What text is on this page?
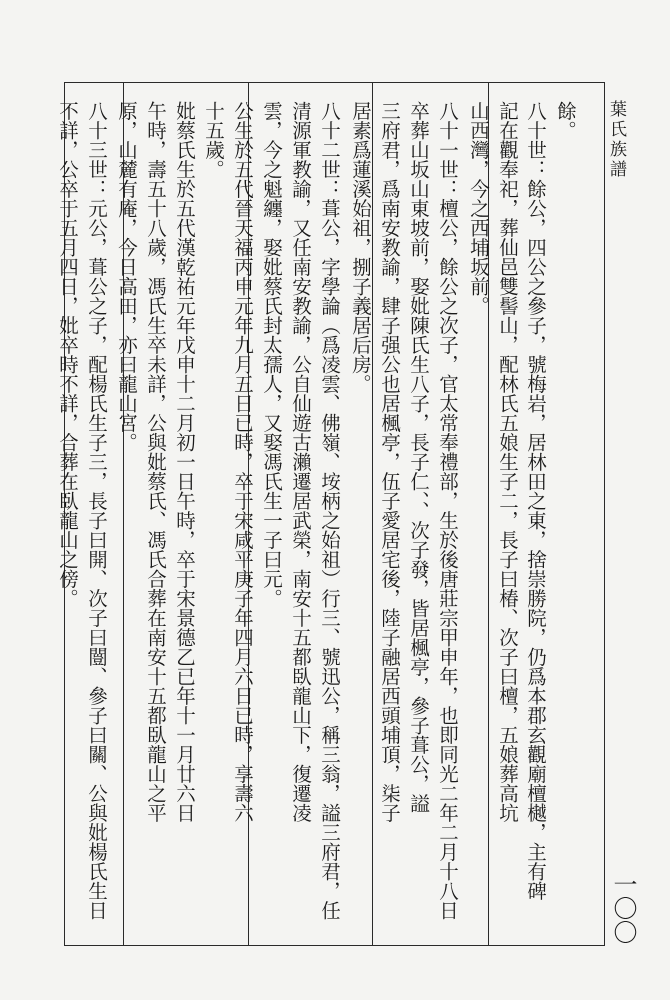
葉氏族譜
一〇〇
餘。
八十世：餘公，四公之參子，號梅岩，居林田之東，捨崇勝院，仍爲本郡玄觀廟檀樾，主有碑
記在觀奉祀，葬仙邑雙髻山，配林氏五娘生子二，長子曰椿、次子曰檀，五娘葬高坑
山西灣，今之西埔坂前。
八十一世：檀公，餘公之次子，官太常奉禮部，生於後唐莊宗甲申年，也即同光二年二月十八日
卒葬山坂山東坡前，娶妣陳氏生八子，長子仁、、次子發，皆居楓亭，參子葺公，謚
三府君，爲南安教諭，肆子强公也居楓亭，伍子愛居宅後，陸子融居西頭埔頂，柒子
居素爲蓮溪始祖，捌子義居后房。
八十二世：葺公，字學論（爲凌雲、佛嶺、垵柄之始祖）行三、號迅公，稱三翁，謚三府君，任
清源軍教諭，又任南安教諭，公自仙遊古瀨遷居武榮，南安十五都臥龍山下，復遷凌
雲，今之魁纏，娶妣蔡氏封太孺人，又娶馮氏生一子曰元。
公生於五代晉天福丙申元年九月五日已時，卒于宋咸平庚子年四月六日已時，享壽六
十五歲。
妣蔡氏生於五代漢乾祐元年戊申十二月初一日午時，卒于宋景德乙已年十一月廿六日
午時，壽五十八歲，馮氏生卒未詳，公與妣蔡氏、馮氏合葬在南安十五都臥龍山之平
原，山麓有庵，今日高田，亦曰龍山宮。
八十三世：元公，葺公之子，配楊氏生子三，長子曰開、次子曰闓、參子曰關、公與妣楊氏生日
不詳，公卒于五月四日，妣卒時不詳，合葬在臥龍山之傍。
